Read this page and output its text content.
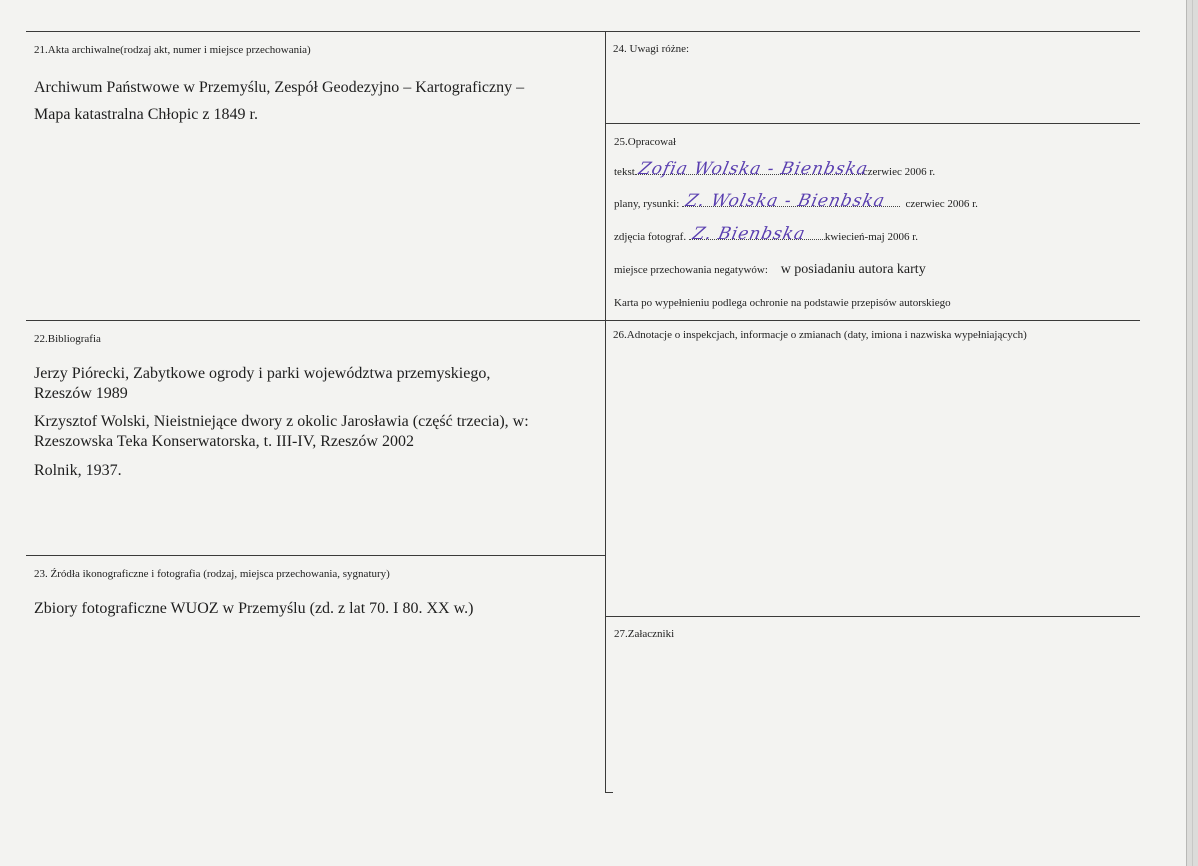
21.Akta archiwalne(rodzaj akt, numer i miejsce przechowania)
Archiwum Państwowe w Przemyślu, Zespół Geodezyjno – Kartograficzny –
Mapa katastralna Chłopic z 1849 r.
24. Uwagi różne:
25.Opracował
tekst Zofia Wolska - Bienbska
czerwiec 2006 r.
plany, rysunki: Z. Wolska - Bienbska czerwiec 2006 r.
zdjęcia fotograf. Z. Bienbska kwiecień-maj 2006 r.
miejsce przechowania negatywów: w posiadaniu autora karty
Karta po wypełnieniu podlega ochronie na podstawie przepisów autorskiego
22.Bibliografia
Jerzy Piórecki, Zabytkowe ogrody i parki województwa przemyskiego,
Rzeszów 1989
Krzysztof Wolski, Nieistniejące dwory z okolic Jarosławia (część trzecia), w:
Rzeszowska Teka Konserwatorska, t. III-IV, Rzeszów 2002
Rolnik, 1937.
26.Adnotacje o inspekcjach, informacje o zmianach (daty, imiona i nazwiska wypełniających)
23. Źródła ikonograficzne i fotografia (rodzaj, miejsca przechowania, sygnatury)
Zbiory fotograficzne WUOZ w Przemyślu (zd. z lat 70. I 80. XX w.)
27.Załaczniki
